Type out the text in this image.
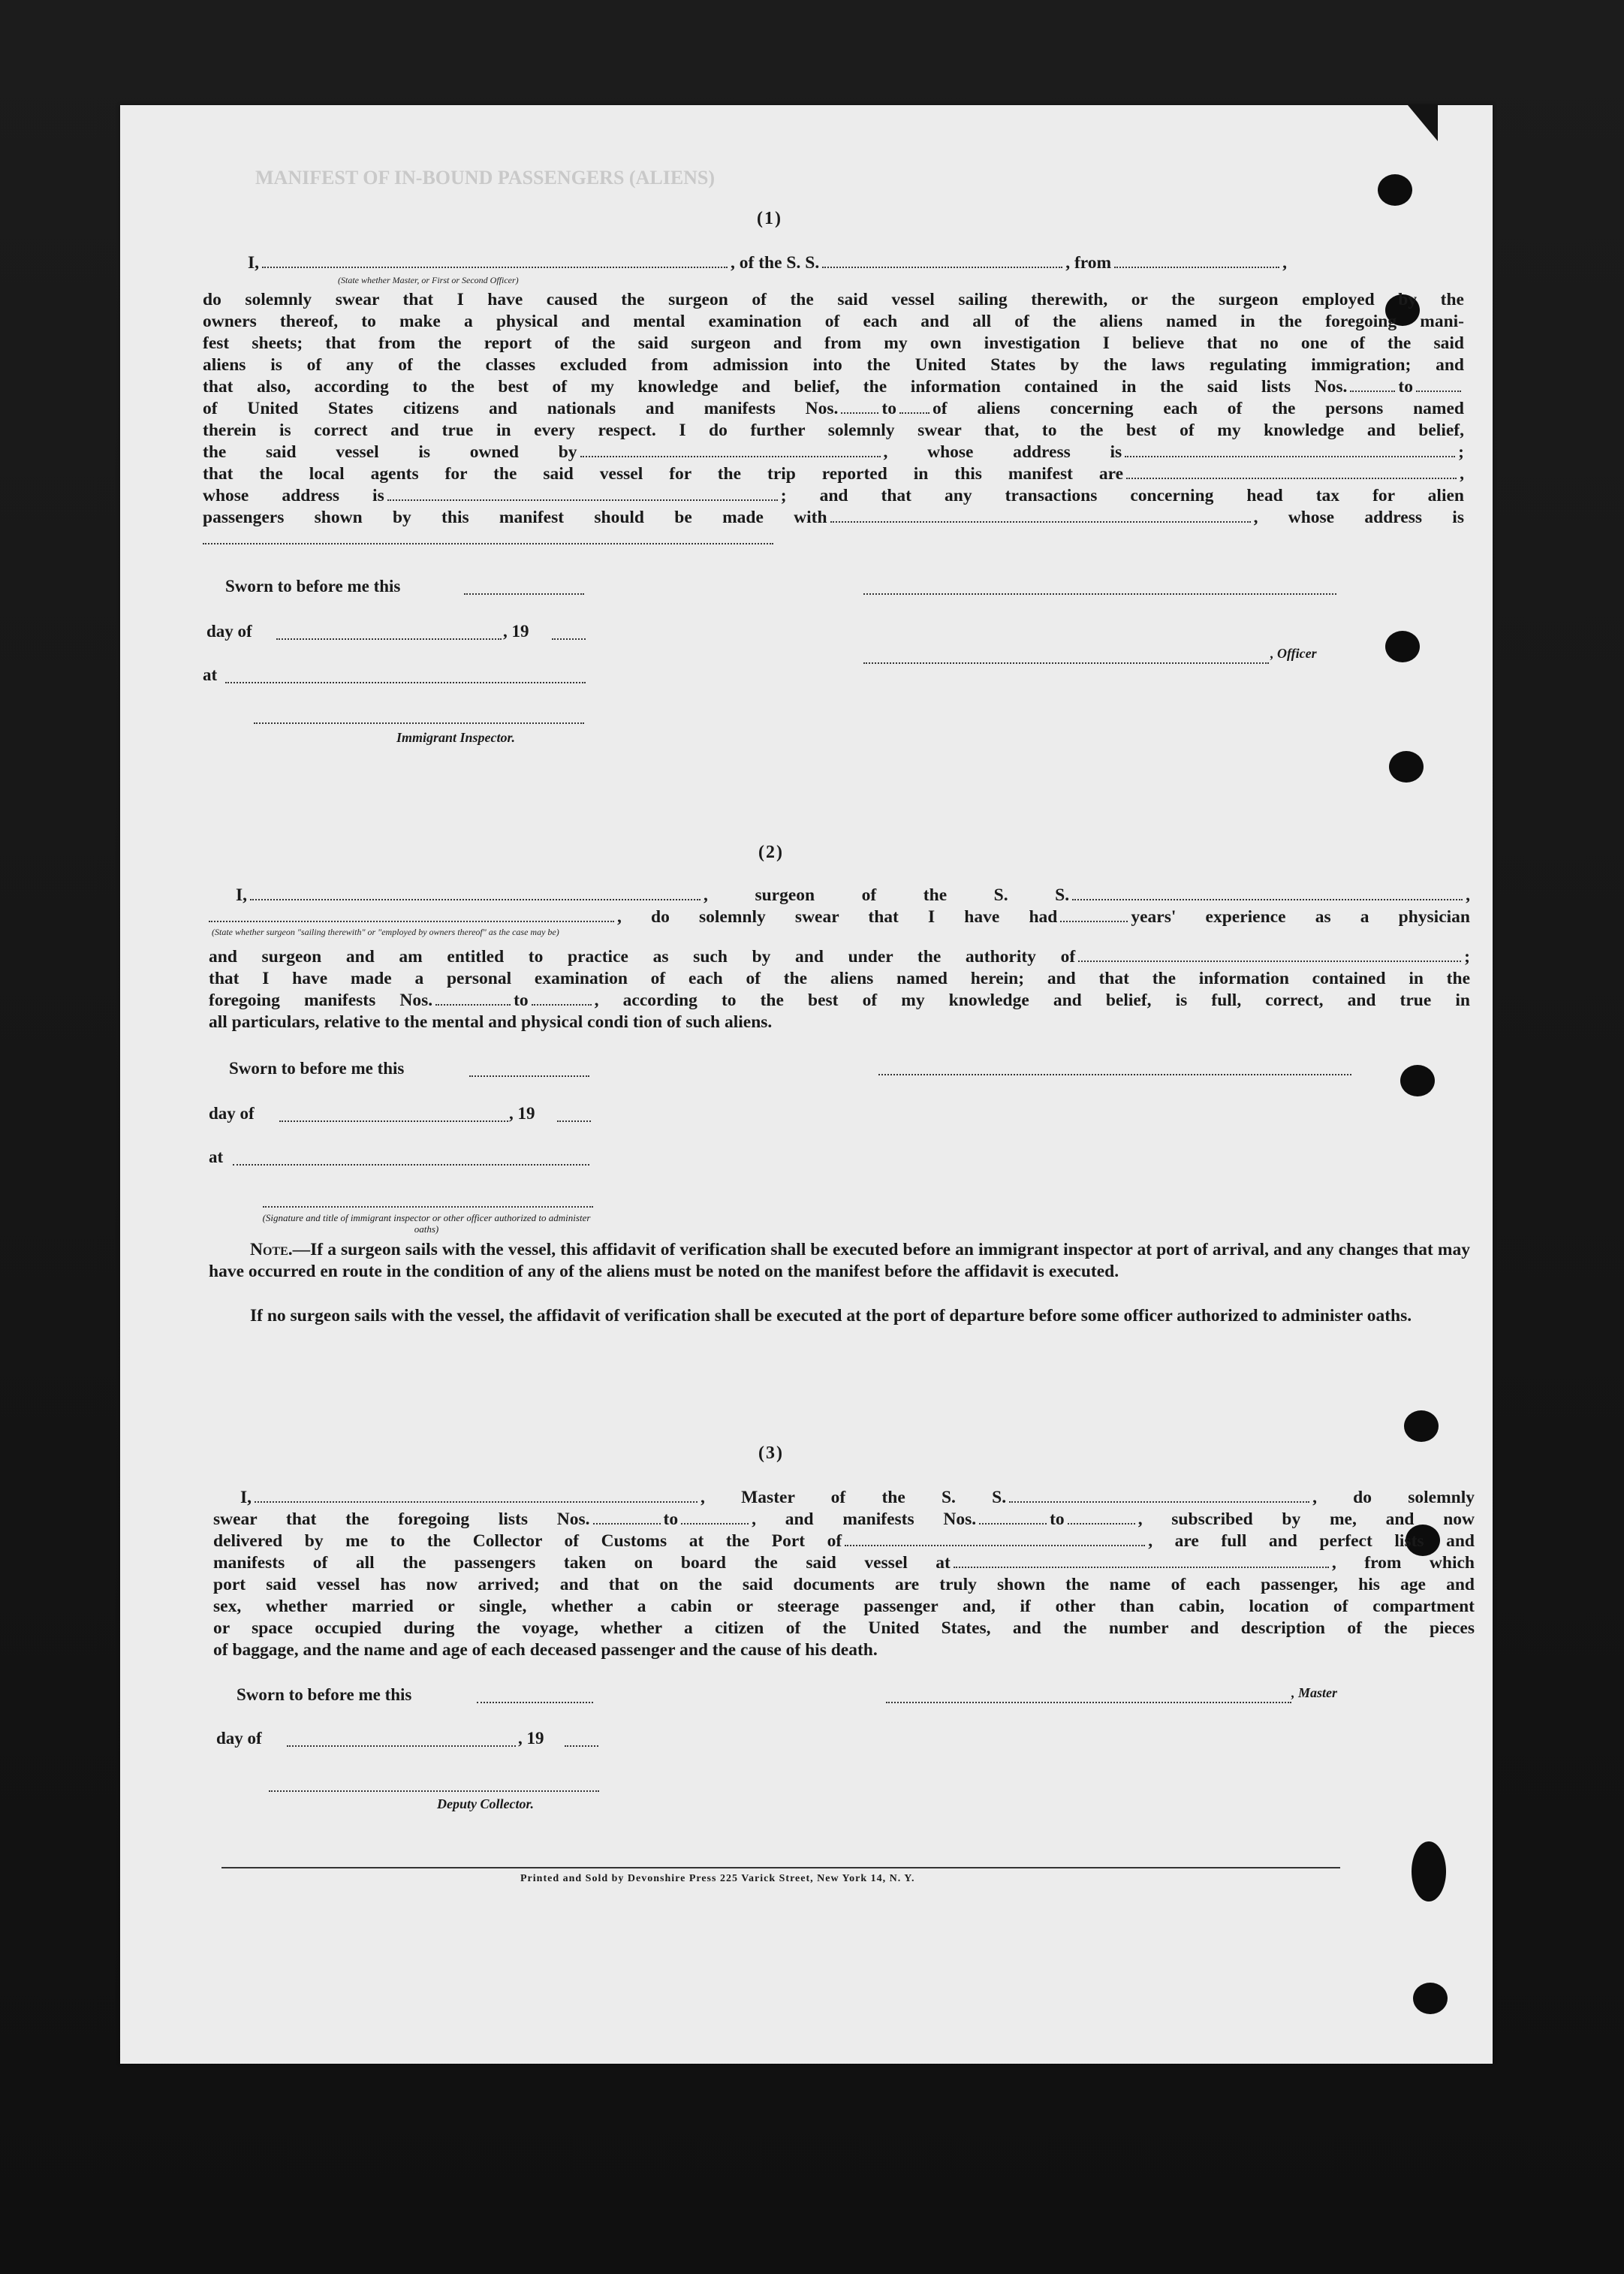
MANIFEST OF IN-BOUND PASSENGERS (ALIENS)
(1)
I,	, of the S. S.	, from	,
(State whether Master, or First or Second Officer)
do solemnly swear that I have caused the surgeon of the said vessel sailing therewith, or the surgeon employed by the
owners thereof, to make a physical and mental examination of each and all of the aliens named in the foregoing mani-
fest sheets; that from the report of the said surgeon and from my own investigation I believe that no one of the said
aliens is of any of the classes excluded from admission into the United States by the laws regulating immigration; and
that also, according to the best of my knowledge and belief, the information contained in the said lists Nos.	to
of United States citizens and nationals and manifests Nos. to of aliens concerning each of the persons named
therein is correct and true in every respect. I do further solemnly swear that, to the best of my knowledge and belief,
the said vessel is owned by	, whose address is	;
that the local agents for the said vessel for the trip reported in this manifest are	,
whose address is	; and that any transactions concerning head tax for alien
passengers shown by this manifest should be made with	, whose address is
Sworn to before me this
day of	, 19
at
, Officer
Immigrant Inspector.
(2)
I,	, surgeon of the S. S.	,
, do solemnly swear that I have had	years' experience as a physician
(State whether surgeon "sailing therewith" or "employed by owners thereof" as the case may be)
and surgeon and am entitled to practice as such by and under the authority of	;
that I have made a personal examination of each of the aliens named herein; and that the information contained in the
foregoing manifests Nos.	to	, according to the best of my knowledge and belief, is full, correct, and true in
all particulars, relative to the mental and physical condi tion of such aliens.
Sworn to before me this
day of	, 19
at
(Signature and title of immigrant inspector or other officer authorized to administer oaths)
Note.—If a surgeon sails with the vessel, this affidavit of verification shall be executed before an immigrant inspector at port of arrival, and any changes that may have occurred en route in the condition of any of the aliens must be noted on the manifest before the affidavit is executed.
If no surgeon sails with the vessel, the affidavit of verification shall be executed at the port of departure before some officer authorized to administer oaths.
(3)
I,	, Master of the S. S.	, do solemnly
swear that the foregoing lists Nos.	to	, and manifests Nos.	to	, subscribed by me, and now
delivered by me to the Collector of Customs at the Port of	, are full and perfect lists and
manifests of all the passengers taken on board the said vessel at	, from which
port said vessel has now arrived; and that on the said documents are truly shown the name of each passenger, his age and
sex, whether married or single, whether a cabin or steerage passenger and, if other than cabin, location of compartment
or space occupied during the voyage, whether a citizen of the United States, and the number and description of the pieces
of baggage, and the name and age of each deceased passenger and the cause of his death.
Sworn to before me this	, Master
day of	, 19
Deputy Collector.
Printed and Sold by Devonshire Press 225 Varick Street, New York 14, N. Y.
